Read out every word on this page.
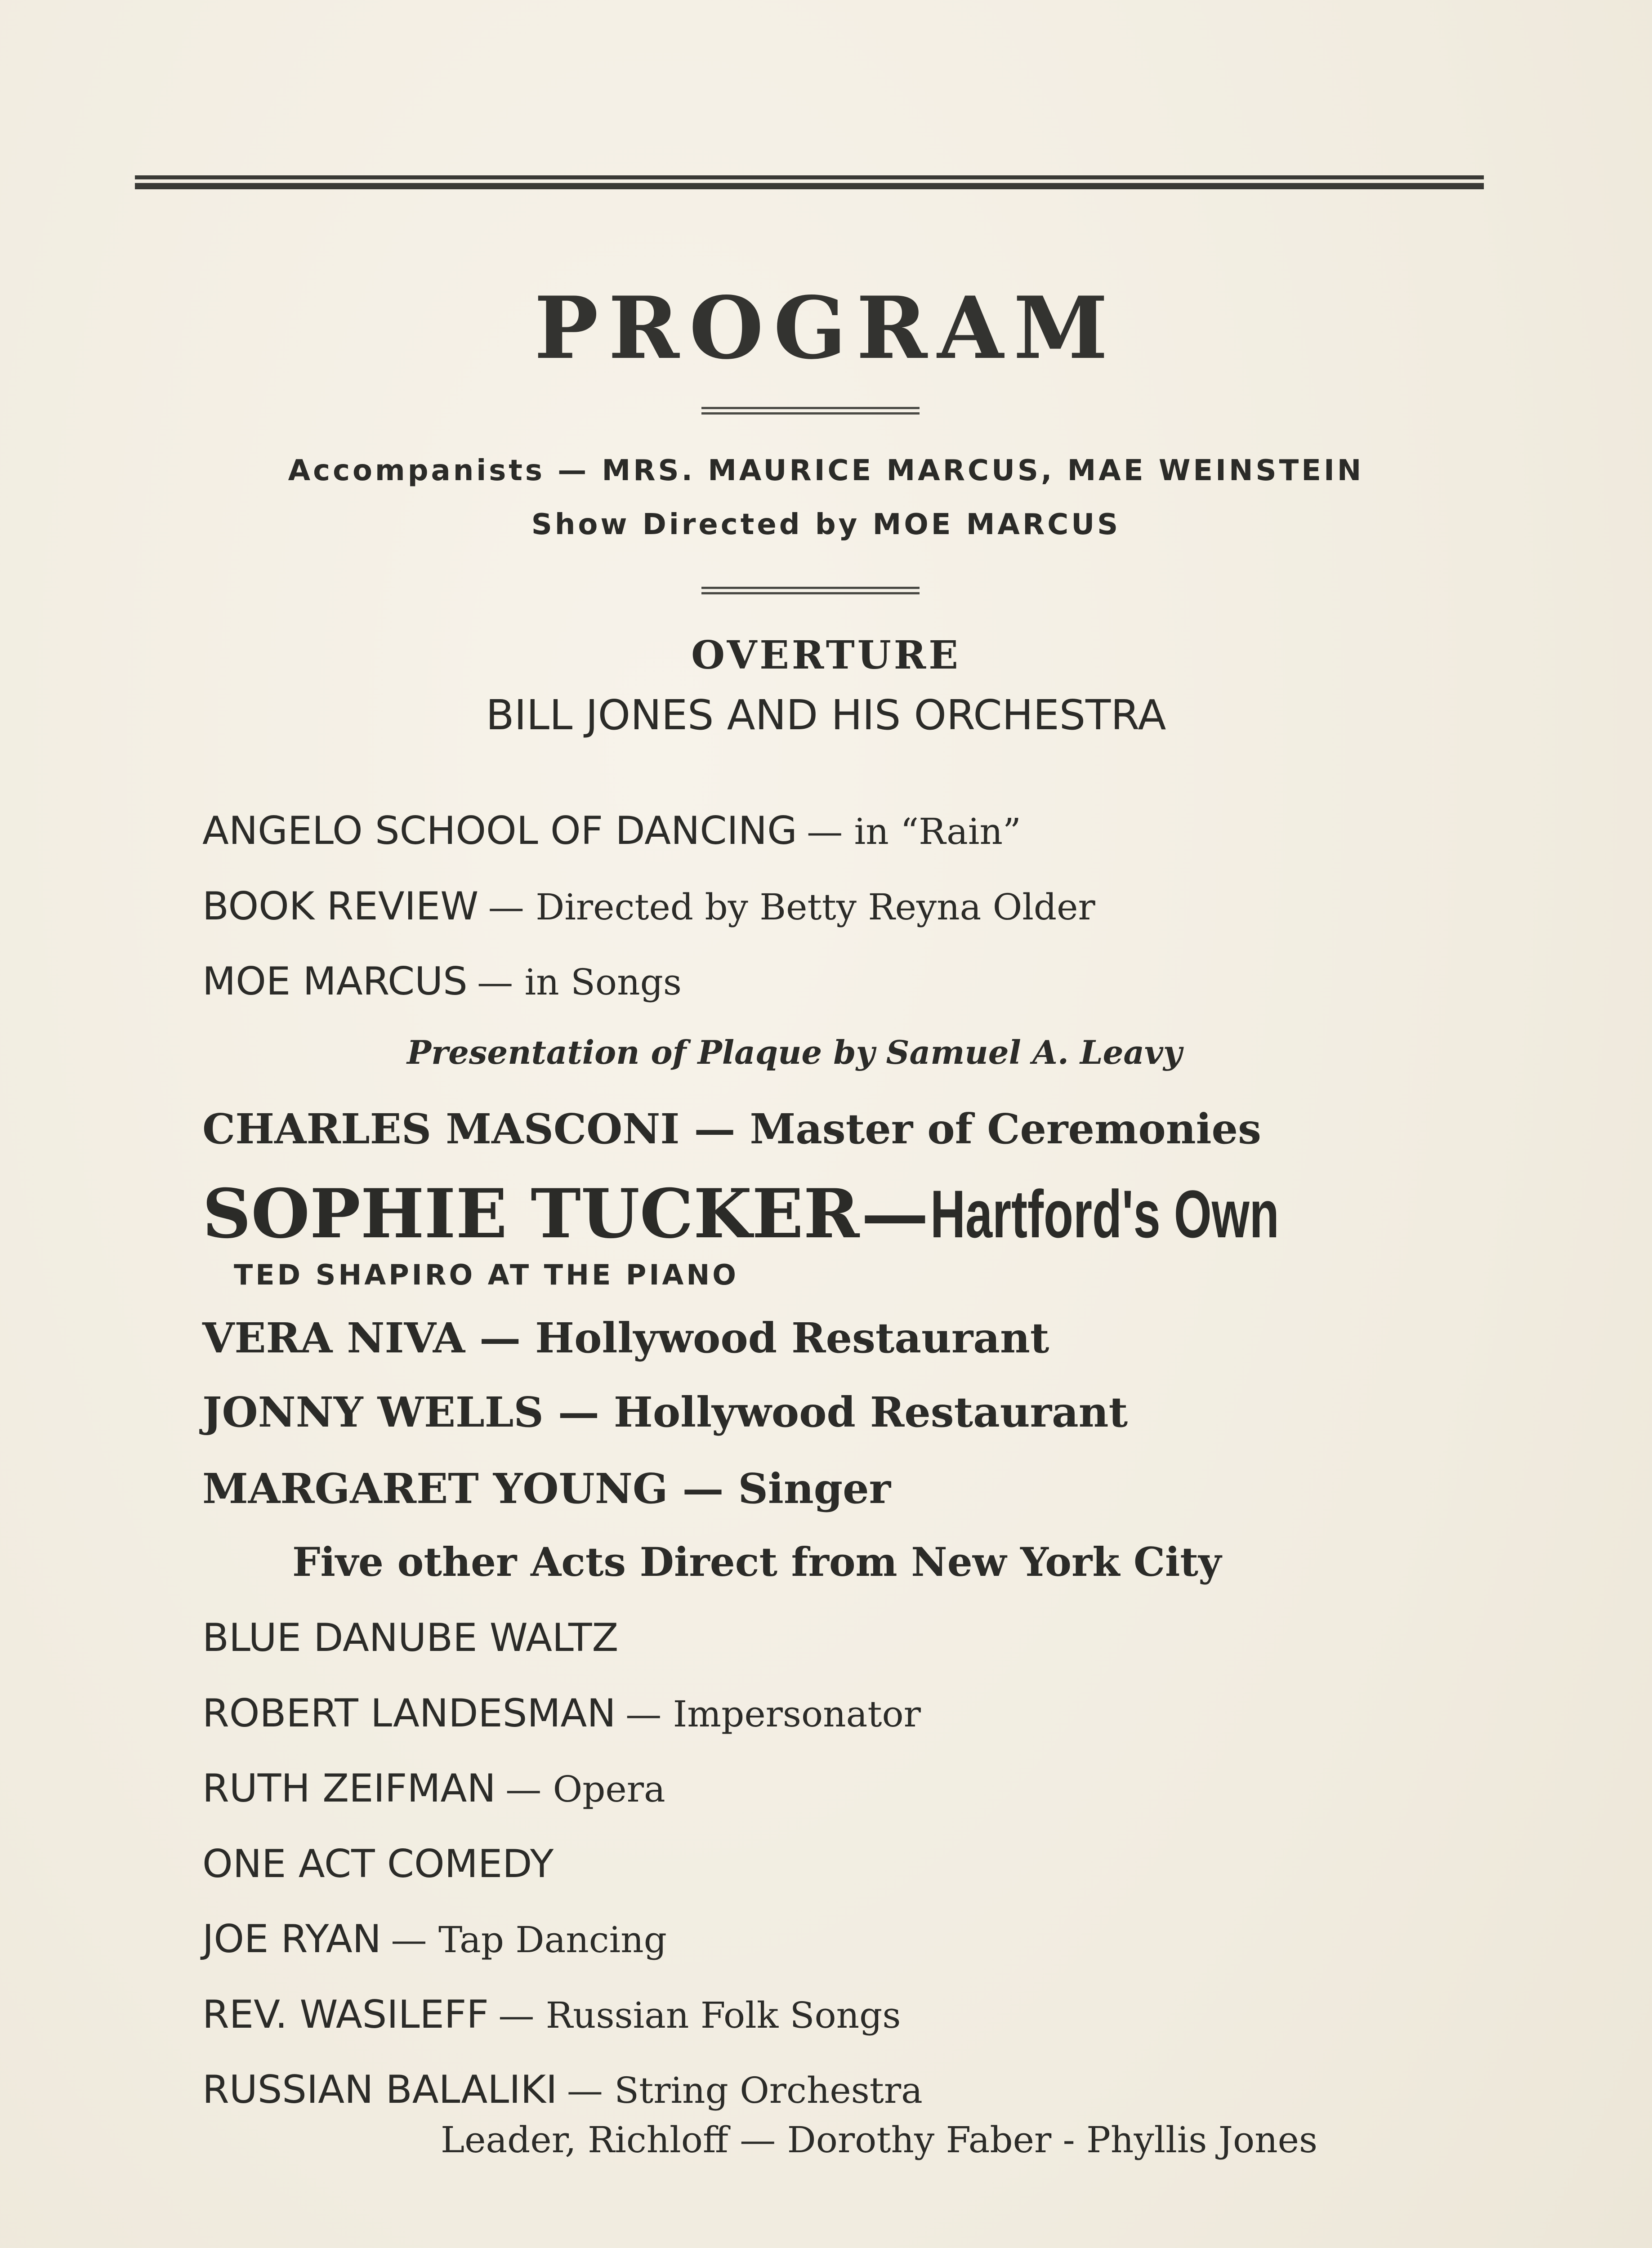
PROGRAM
Accompanists — MRS. MAURICE MARCUS, MAE WEINSTEIN
Show Directed by MOE MARCUS
OVERTURE
BILL JONES AND HIS ORCHESTRA
ANGELO SCHOOL OF DANCING — in “Rain”
BOOK REVIEW — Directed by Betty Reyna Older
MOE MARCUS — in Songs
Presentation of Plaque by Samuel A. Leavy
CHARLES MASCONI — Master of Ceremonies
SOPHIE TUCKER — Hartford's Own
TED SHAPIRO AT THE PIANO
VERA NIVA — Hollywood Restaurant
JONNY WELLS — Hollywood Restaurant
MARGARET YOUNG — Singer
Five other Acts Direct from New York City
BLUE DANUBE WALTZ
ROBERT LANDESMAN — Impersonator
RUTH ZEIFMAN — Opera
ONE ACT COMEDY
JOE RYAN — Tap Dancing
REV. WASILEFF — Russian Folk Songs
RUSSIAN BALALIKI — String Orchestra
Leader, Richloff — Dorothy Faber - Phyllis Jones
